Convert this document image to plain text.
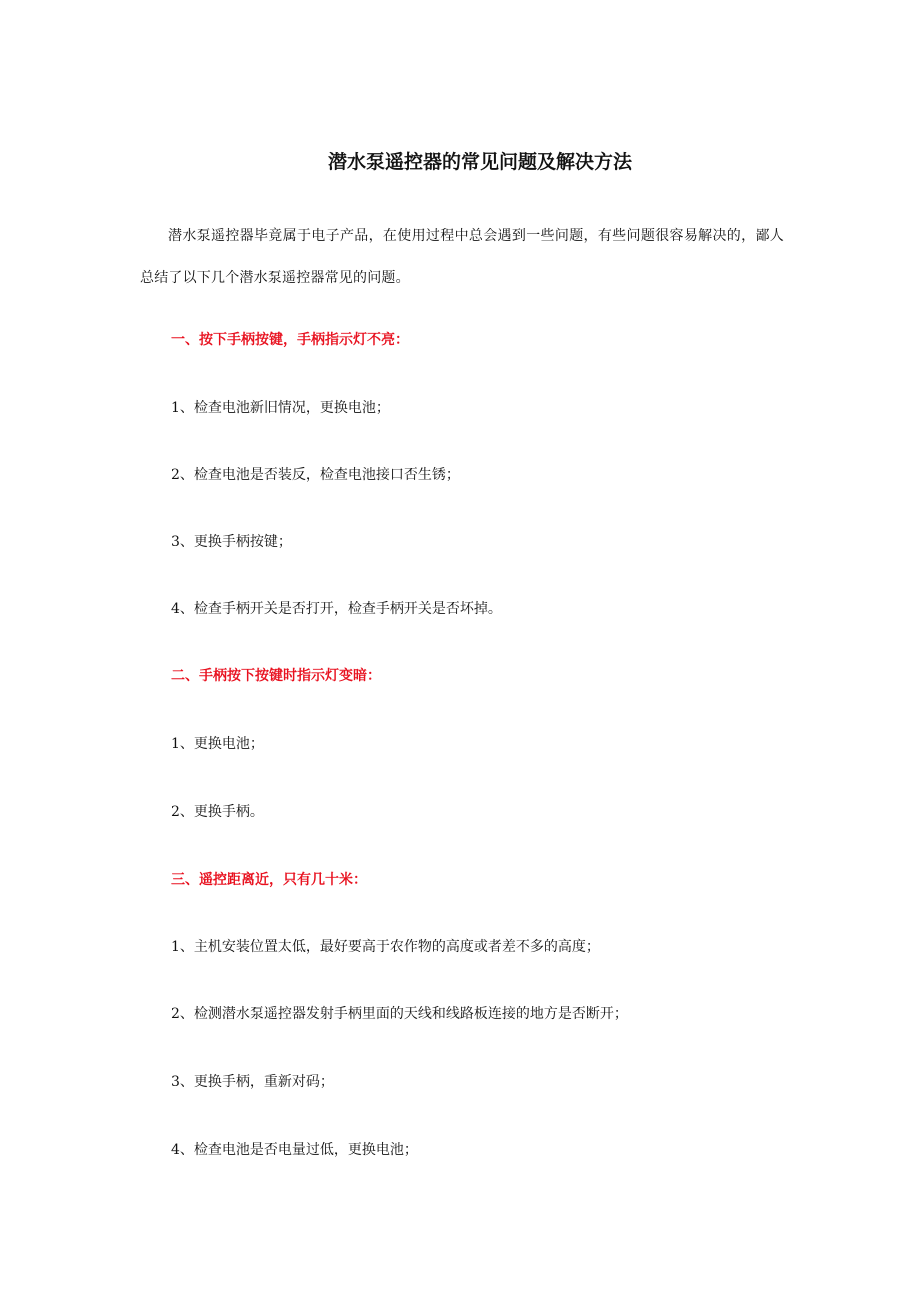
潜水泵遥控器的常见问题及解决方法

潜水泵遥控器毕竟属于电子产品，在使用过程中总会遇到一些问题，有些问题很容易解决的，鄙人总结了以下几个潜水泵遥控器常见的问题。

一、按下手柄按键，手柄指示灯不亮：

1、检查电池新旧情况，更换电池；

2、检查电池是否装反，检查电池接口否生锈；

3、更换手柄按键；

4、检查手柄开关是否打开，检查手柄开关是否坏掉。

二、手柄按下按键时指示灯变暗：

1、更换电池；

2、更换手柄。

三、遥控距离近，只有几十米：

1、主机安装位置太低，最好要高于农作物的高度或者差不多的高度；

2、检测潜水泵遥控器发射手柄里面的天线和线路板连接的地方是否断开；

3、更换手柄，重新对码；

4、检查电池是否电量过低，更换电池；
